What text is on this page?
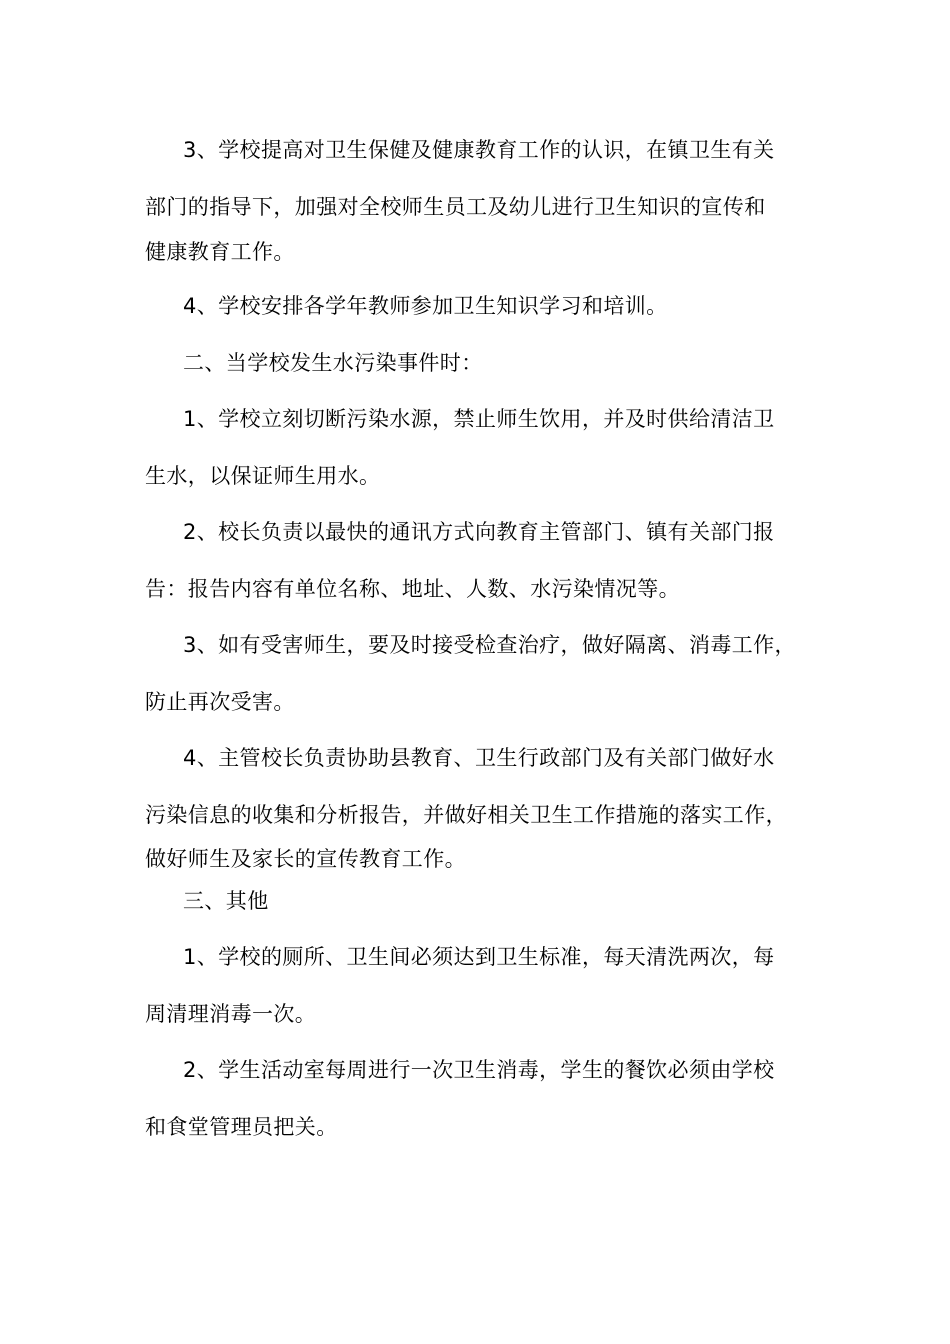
3、学校提高对卫生保健及健康教育工作的认识，在镇卫生有关
部门的指导下，加强对全校师生员工及幼儿进行卫生知识的宣传和
健康教育工作。
4、学校安排各学年教师参加卫生知识学习和培训。
二、当学校发生水污染事件时：
1、学校立刻切断污染水源，禁止师生饮用，并及时供给清洁卫
生水，以保证师生用水。
2、校长负责以最快的通讯方式向教育主管部门、镇有关部门报
告：报告内容有单位名称、地址、人数、水污染情况等。
3、如有受害师生，要及时接受检查治疗，做好隔离、消毒工作，
防止再次受害。
4、主管校长负责协助县教育、卫生行政部门及有关部门做好水
污染信息的收集和分析报告，并做好相关卫生工作措施的落实工作，
做好师生及家长的宣传教育工作。
三、其他
1、学校的厕所、卫生间必须达到卫生标准，每天清洗两次，每
周清理消毒一次。
2、学生活动室每周进行一次卫生消毒，学生的餐饮必须由学校
和食堂管理员把关。
